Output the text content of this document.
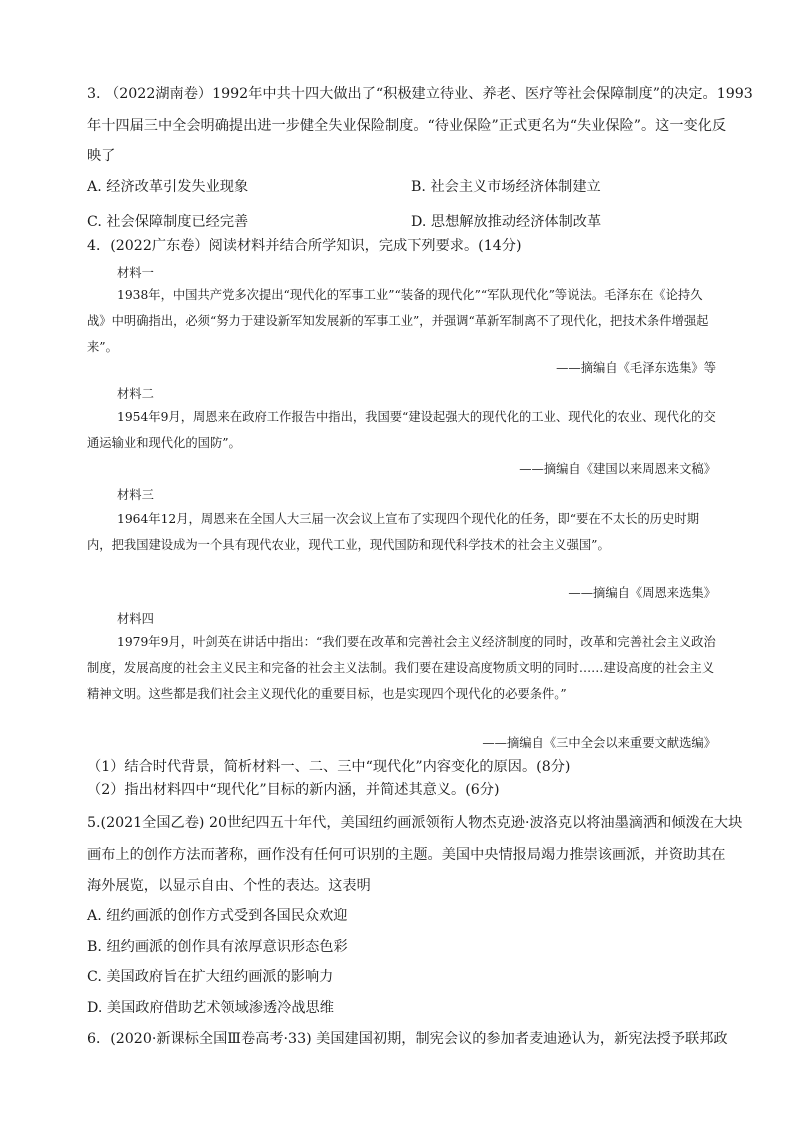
3. （2022湖南卷）1992年中共十四大做出了“积极建立待业、养老、医疗等社会保障制度”的决定。1993
年十四届三中全会明确提出进一步健全失业保险制度。“待业保险”正式更名为“失业保险”。这一变化反
映了
A. 经济改革引发失业现象	B. 社会主义市场经济体制建立
C. 社会保障制度已经完善	D. 思想解放推动经济体制改革
4．(2022广东卷）阅读材料并结合所学知识，完成下列要求。(14分)
材料一

1938年，中国共产党多次提出“现代化的军事工业”“装备的现代化”“军队现代化”等说法。毛泽东在《论持久战》中明确指出，必须“努力于建设新军知发展新的军事工业”，并强调“革新军制离不了现代化，把技术条件增强起来”。

——摘编自《毛泽东选集》等
材料二

1954年9月，周恩来在政府工作报告中指出，我国要“建设起强大的现代化的工业、现代化的农业、现代化的交通运输业和现代化的国防”。

——摘编自《建国以来周恩来文稿》
材料三

1964年12月，周恩来在全国人大三届一次会议上宣布了实现四个现代化的任务，即“要在不太长的历史时期内，把我国建设成为一个具有现代农业，现代工业，现代国防和现代科学技术的社会主义强国”。

——摘编自《周恩来选集》
材料四

1979年9月，叶剑英在讲话中指出：“我们要在改革和完善社会主义经济制度的同时，改革和完善社会主义政治制度，发展高度的社会主义民主和完备的社会主义法制。我们要在建设高度物质文明的同时……建设高度的社会主义精神文明。这些都是我们社会主义现代化的重要目标，也是实现四个现代化的必要条件。”

——摘编自《三中全会以来重要文献选编》
（1）结合时代背景，简析材料一、二、三中“现代化”内容变化的原因。(8分)
（2）指出材料四中“现代化”目标的新内涵，并简述其意义。(6分)
5.(2021全国乙卷) 20世纪四五十年代，美国纽约画派领衔人物杰克逊·波洛克以将油墨滴洒和倾泼在大块
画布上的创作方法而著称，画作没有任何可识别的主题。美国中央情报局竭力推崇该画派，并资助其在
海外展览，以显示自由、个性的表达。这表明
A. 纽约画派的创作方式受到各国民众欢迎
B. 纽约画派的创作具有浓厚意识形态色彩
C. 美国政府旨在扩大纽约画派的影响力
D. 美国政府借助艺术领域渗透冷战思维
6．(2020·新课标全国Ⅲ卷高考·33) 美国建国初期，制宪会议的参加者麦迪逊认为，新宪法授予联邦政
